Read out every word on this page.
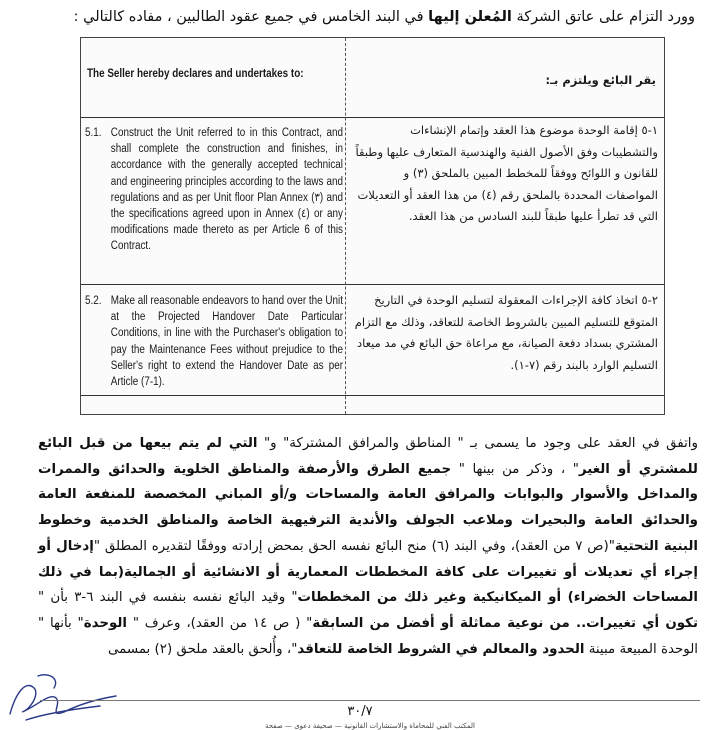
وورد التزام على عاتق الشركة المُعلن إليها في البند الخامس في جميع عقود الطالبين ، مفاده كالتالي :
The Seller hereby declares and undertakes to:	يقر البائع ويلتزم بـ:
5.1. Construct the Unit referred to in this Contract, and shall complete the construction and finishes, in accordance with the generally accepted technical and engineering principles according to the laws and regulations and as per Unit floor Plan Annex (٣) and the specifications agreed upon in Annex (٤) or any modifications made thereto as per Article 6 of this Contract.
5.2. Make all reasonable endeavors to hand over the Unit at the Projected Handover Date Particular Conditions, in line with the Purchaser's obligation to pay the Maintenance Fees without prejudice to the Seller's right to extend the Handover Date as per Article (7-1).
١-٥ إقامة الوحدة موضوع هذا العقد وإتمام الإنشاءات والتشطيبات وفق الأصول الفنية والهندسية المتعارف عليها وطبقاً للقانون و اللوائح ووفقاً للمخطط المبين بالملحق (٣) و المواصفات المحددة بالملحق رقم (٤) من هذا العقد أو التعديلات التي قد تطرأ عليها طبقاً للبند السادس من هذا العقد.
٢-٥ اتخاذ كافة الإجراءات المعقولة لتسليم الوحدة في التاريخ المتوقع للتسليم المبين بالشروط الخاصة للتعاقد، وذلك مع التزام المشتري بسداد دفعة الصيانة، مع مراعاة حق البائع في مد ميعاد التسليم الوارد بالبند رقم (٧-١).

واتفق في العقد على وجود ما يسمى بـ " المناطق والمرافق المشتركة" و" التي لم يتم بيعها من قبل البائع للمشتري أو الغير" ، وذكر من بينها " جميع الطرق والأرصفة والمناطق الخلوية والحدائق والممرات والمداخل والأسوار والبوابات والمرافق العامة والمساحات و/أو المباني المخصصة للمنفعة العامة والحدائق العامة والبحيرات وملاعب الجولف والأندية الترفيهية الخاصة والمناطق الخدمية وخطوط البنية التحتية"(ص ٧ من العقد)، وفي البند (٦) منح البائع نفسه الحق بمحض إرادته ووفقًا لتقديره المطلق "إدخال أو إجراء أي تعديلات أو تغييرات على كافة المخططات المعمارية أو الانشائية أو الجمالية(بما في ذلك المساحات الخضراء) أو الميكانيكية وغير ذلك من المخططات" وقيد البائع نفسه بنفسه في البند ٦-٣ بأن " تكون أي تغييرات.. من نوعية مماثلة أو أفضل من السابقة" ( ص ١٤ من العقد)، وعرف " الوحدة" بأنها " الوحدة المبيعة مبينة الحدود والمعالم في الشروط الخاصة للتعاقد"، وأُلحق بالعقد ملحق (٢) بمسمى

٣٠/٧
المكتب الفني للمحاماة والاستشارات القانونية — صحيفة دعوى — صفحة
